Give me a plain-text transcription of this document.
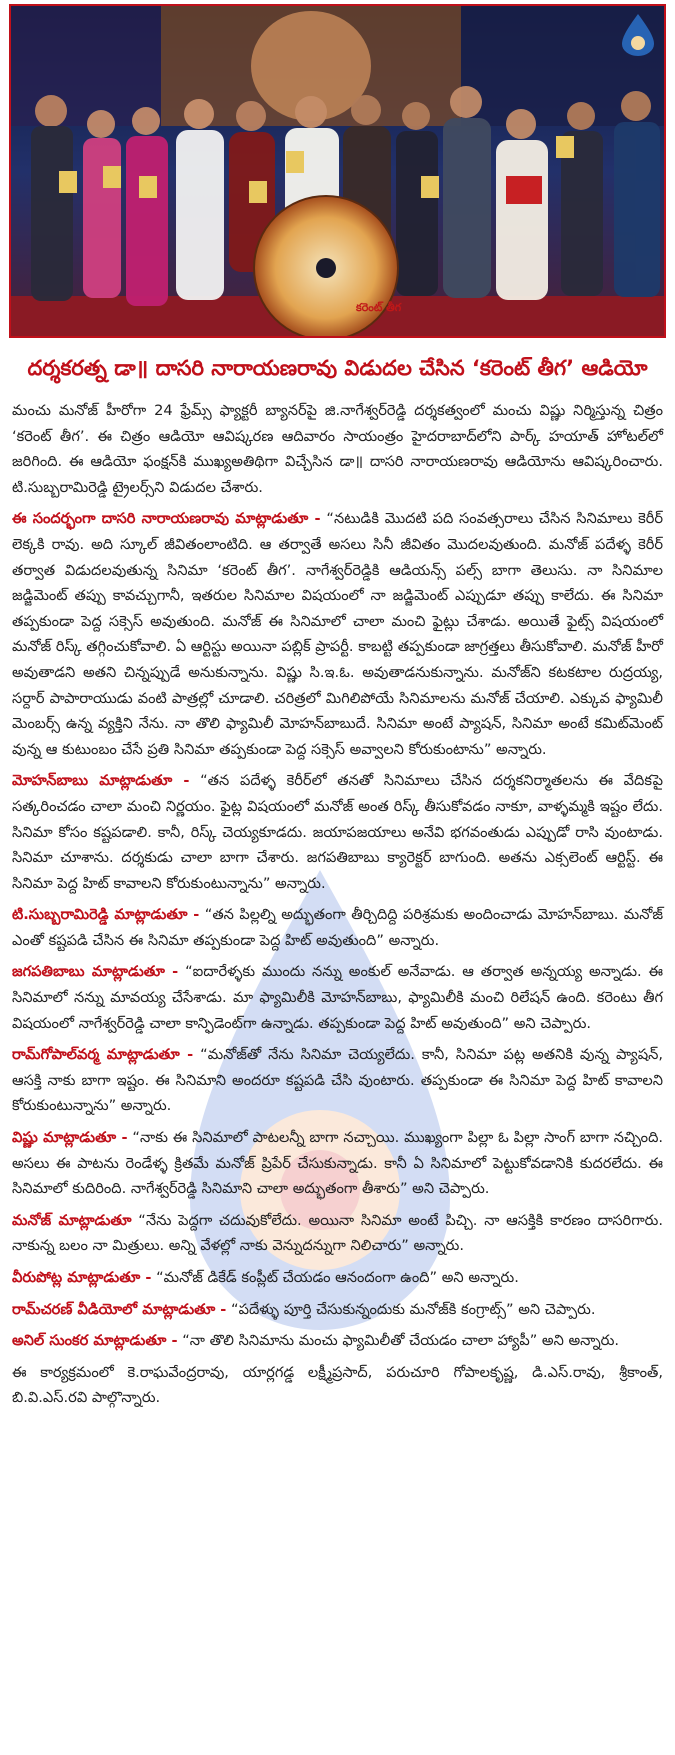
కరెంట్ తీగ
దర్శకరత్న డా॥ దాసరి నారాయణరావు విడుదల చేసిన ‘కరెంట్ తీగ’ ఆడియో

మంచు మనోజ్ హీరోగా 24 ఫ్రేమ్స్ ఫ్యాక్టరీ బ్యానర్‌పై జి.నాగేశ్వర్‌రెడ్డి దర్శకత్వంలో మంచు విష్ణు నిర్మిస్తున్న చిత్రం ‘కరెంట్ తీగ’. ఈ చిత్రం ఆడియో ఆవిష్కరణ ఆదివారం సాయంత్రం హైదరాబాద్‌లోని పార్క్ హయాత్ హోటల్‌లో జరిగింది. ఈ ఆడియో ఫంక్షన్‌కి ముఖ్యఅతిథిగా విచ్చేసిన డా॥ దాసరి నారాయణరావు ఆడియోను ఆవిష్కరించారు. టి.సుబ్బరామిరెడ్డి ట్రైలర్స్‌ని విడుదల చేశారు.

ఈ సందర్భంగా దాసరి నారాయణరావు మాట్లాడుతూ - “నటుడికి మొదటి పది సంవత్సరాలు చేసిన సినిమాలు కెరీర్ లెక్కకి రావు. అది స్కూల్ జీవితంలాంటిది. ఆ తర్వాతే అసలు సినీ జీవితం మొదలవుతుంది. మనోజ్ పదేళ్ళ కెరీర్ తర్వాత విడుదలవుతున్న సినిమా ‘కరెంట్ తీగ’. నాగేశ్వర్‌రెడ్డికి ఆడియన్స్ పల్స్ బాగా తెలుసు. నా సినిమాల జడ్జిమెంట్ తప్పు కావచ్చుగానీ, ఇతరుల సినిమాల విషయంలో నా జడ్జిమెంట్ ఎప్పుడూ తప్పు కాలేదు. ఈ సినిమా తప్పకుండా పెద్ద సక్సెస్ అవుతుంది. మనోజ్ ఈ సినిమాలో చాలా మంచి ఫైట్లు చేశాడు. అయితే ఫైట్స్ విషయంలో మనోజ్ రిస్క్ తగ్గించుకోవాలి. ఏ ఆర్టిస్టు అయినా పబ్లిక్ ప్రాపర్టీ. కాబట్టి తప్పకుండా జాగ్రత్తలు తీసుకోవాలి. మనోజ్ హీరో అవుతాడని అతని చిన్నప్పుడే అనుకున్నాను. విష్ణు సి.ఇ.ఓ. అవుతాడనుకున్నాను. మనోజ్‌ని కటకటాల రుద్రయ్య, సర్దార్ పాపారాయుడు వంటి పాత్రల్లో చూడాలి. చరిత్రలో మిగిలిపోయే సినిమాలను మనోజ్ చేయాలి. ఎక్కువ ఫ్యామిలీ మెంబర్స్ ఉన్న వ్యక్తిని నేను. నా తొలి ఫ్యామిలీ మోహన్‌బాబుదే. సినిమా అంటే ప్యాషన్, సినిమా అంటే కమిట్‌మెంట్ వున్న ఆ కుటుంబం చేసే ప్రతి సినిమా తప్పకుండా పెద్ద సక్సెస్ అవ్వాలని కోరుకుంటాను” అన్నారు.

మోహన్‌బాబు మాట్లాడుతూ - “తన పదేళ్ళ కెరీర్‌లో తనతో సినిమాలు చేసిన దర్శకనిర్మాతలను ఈ వేదికపై సత్కరించడం చాలా మంచి నిర్ణయం. ఫైట్ల విషయంలో మనోజ్ అంత రిస్క్ తీసుకోవడం నాకూ, వాళ్ళమ్మకి ఇష్టం లేదు. సినిమా కోసం కష్టపడాలి. కానీ, రిస్క్ చెయ్యకూడదు. జయాపజయాలు అనేవి భగవంతుడు ఎప్పుడో రాసి వుంటాడు. సినిమా చూశాను. దర్శకుడు చాలా బాగా చేశారు. జగపతిబాబు క్యారెక్టర్ బాగుంది. అతను ఎక్సలెంట్ ఆర్టిస్ట్. ఈ సినిమా పెద్ద హిట్ కావాలని కోరుకుంటున్నాను” అన్నారు.

టి.సుబ్బరామిరెడ్డి మాట్లాడుతూ - “తన పిల్లల్ని అద్భుతంగా తీర్చిదిద్ది పరిశ్రమకు అందించాడు మోహన్‌బాబు. మనోజ్ ఎంతో కష్టపడి చేసిన ఈ సినిమా తప్పకుండా పెద్ద హిట్ అవుతుంది” అన్నారు.

జగపతిబాబు మాట్లాడుతూ - “ఐదారేళ్ళకు ముందు నన్ను అంకుల్ అనేవాడు. ఆ తర్వాత అన్నయ్య అన్నాడు. ఈ సినిమాలో నన్ను మావయ్య చేసేశాడు. మా ఫ్యామిలీకి మోహన్‌బాబు, ఫ్యామిలీకి మంచి రిలేషన్ ఉంది. కరెంటు తీగ విషయంలో నాగేశ్వర్‌రెడ్డి చాలా కాన్ఫిడెంట్‌గా ఉన్నాడు. తప్పకుండా పెద్ద హిట్ అవుతుంది” అని చెప్పారు.

రామ్‌గోపాల్‌వర్మ మాట్లాడుతూ - “మనోజ్‌తో నేను సినిమా చెయ్యలేదు. కానీ, సినిమా పట్ల అతనికి వున్న ప్యాషన్, ఆసక్తి నాకు బాగా ఇష్టం. ఈ సినిమాని అందరూ కష్టపడి చేసి వుంటారు. తప్పకుండా ఈ సినిమా పెద్ద హిట్ కావాలని కోరుకుంటున్నాను” అన్నారు.

విష్ణు మాట్లాడుతూ - “నాకు ఈ సినిమాలో పాటలన్నీ బాగా నచ్చాయి. ముఖ్యంగా పిల్లా ఓ పిల్లా సాంగ్ బాగా నచ్చింది. అసలు ఈ పాటను రెండేళ్ళ క్రితమే మనోజ్ ప్రిపేర్ చేసుకున్నాడు. కానీ ఏ సినిమాలో పెట్టుకోవడానికి కుదరలేదు. ఈ సినిమాలో కుదిరింది. నాగేశ్వర్‌రెడ్డి సినిమాని చాలా అద్భుతంగా తీశారు” అని చెప్పారు.

మనోజ్ మాట్లాడుతూ “నేను పెద్దగా చదువుకోలేదు. అయినా సినిమా అంటే పిచ్చి. నా ఆసక్తికి కారణం దాసరిగారు. నాకున్న బలం నా మిత్రులు. అన్ని వేళల్లో నాకు వెన్నుదన్నుగా నిలిచారు” అన్నారు.

వీరుపోట్ల మాట్లాడుతూ - “మనోజ్ డికేడ్ కంప్లీట్ చేయడం ఆనందంగా ఉంది” అని అన్నారు.

రామ్‌చరణ్ వీడియోలో మాట్లాడుతూ - “పదేళ్ళు పూర్తి చేసుకున్నందుకు మనోజ్‌కి కంగ్రాట్స్” అని చెప్పారు.

అనిల్ సుంకర మాట్లాడుతూ - “నా తొలి సినిమాను మంచు ఫ్యామిలీతో చేయడం చాలా హ్యాపీ” అని అన్నారు.

ఈ కార్యక్రమంలో కె.రాఘవేంద్రరావు, యార్లగడ్డ లక్ష్మీప్రసాద్, పరుచూరి గోపాలకృష్ణ, డి.ఎస్.రావు, శ్రీకాంత్, బి.వి.ఎస్.రవి పాల్గొన్నారు.
